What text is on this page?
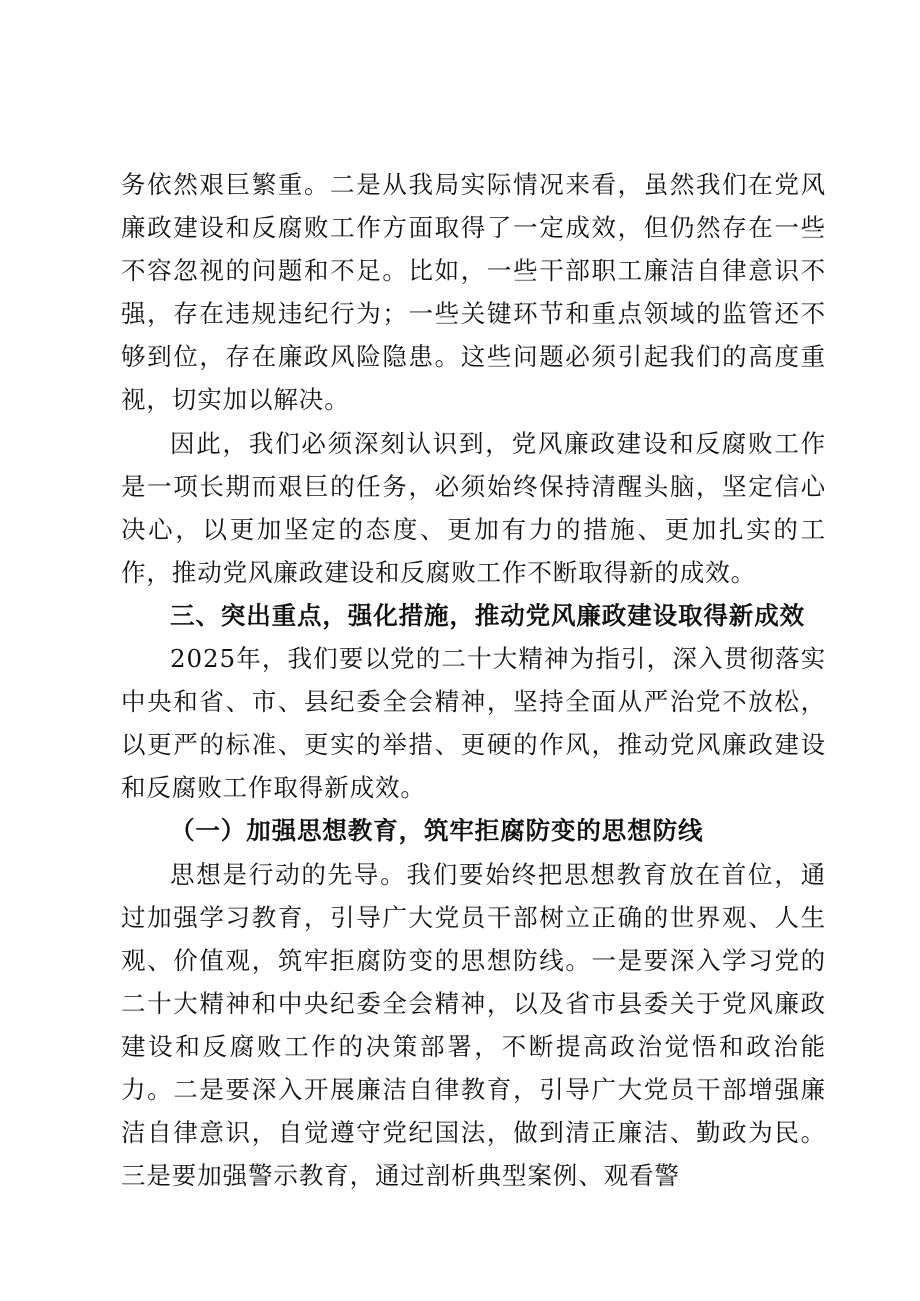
务依然艰巨繁重。二是从我局实际情况来看，虽然我们在党风廉政建设和反腐败工作方面取得了一定成效，但仍然存在一些不容忽视的问题和不足。比如，一些干部职工廉洁自律意识不强，存在违规违纪行为；一些关键环节和重点领域的监管还不够到位，存在廉政风险隐患。这些问题必须引起我们的高度重视，切实加以解决。

因此，我们必须深刻认识到，党风廉政建设和反腐败工作是一项长期而艰巨的任务，必须始终保持清醒头脑，坚定信心决心，以更加坚定的态度、更加有力的措施、更加扎实的工作，推动党风廉政建设和反腐败工作不断取得新的成效。

三、突出重点，强化措施，推动党风廉政建设取得新成效

2025年，我们要以党的二十大精神为指引，深入贯彻落实中央和省、市、县纪委全会精神，坚持全面从严治党不放松，以更严的标准、更实的举措、更硬的作风，推动党风廉政建设和反腐败工作取得新成效。

（一）加强思想教育，筑牢拒腐防变的思想防线

思想是行动的先导。我们要始终把思想教育放在首位，通过加强学习教育，引导广大党员干部树立正确的世界观、人生观、价值观，筑牢拒腐防变的思想防线。一是要深入学习党的二十大精神和中央纪委全会精神，以及省市县委关于党风廉政建设和反腐败工作的决策部署，不断提高政治觉悟和政治能力。二是要深入开展廉洁自律教育，引导广大党员干部增强廉洁自律意识，自觉遵守党纪国法，做到清正廉洁、勤政为民。三是要加强警示教育，通过剖析典型案例、观看警
